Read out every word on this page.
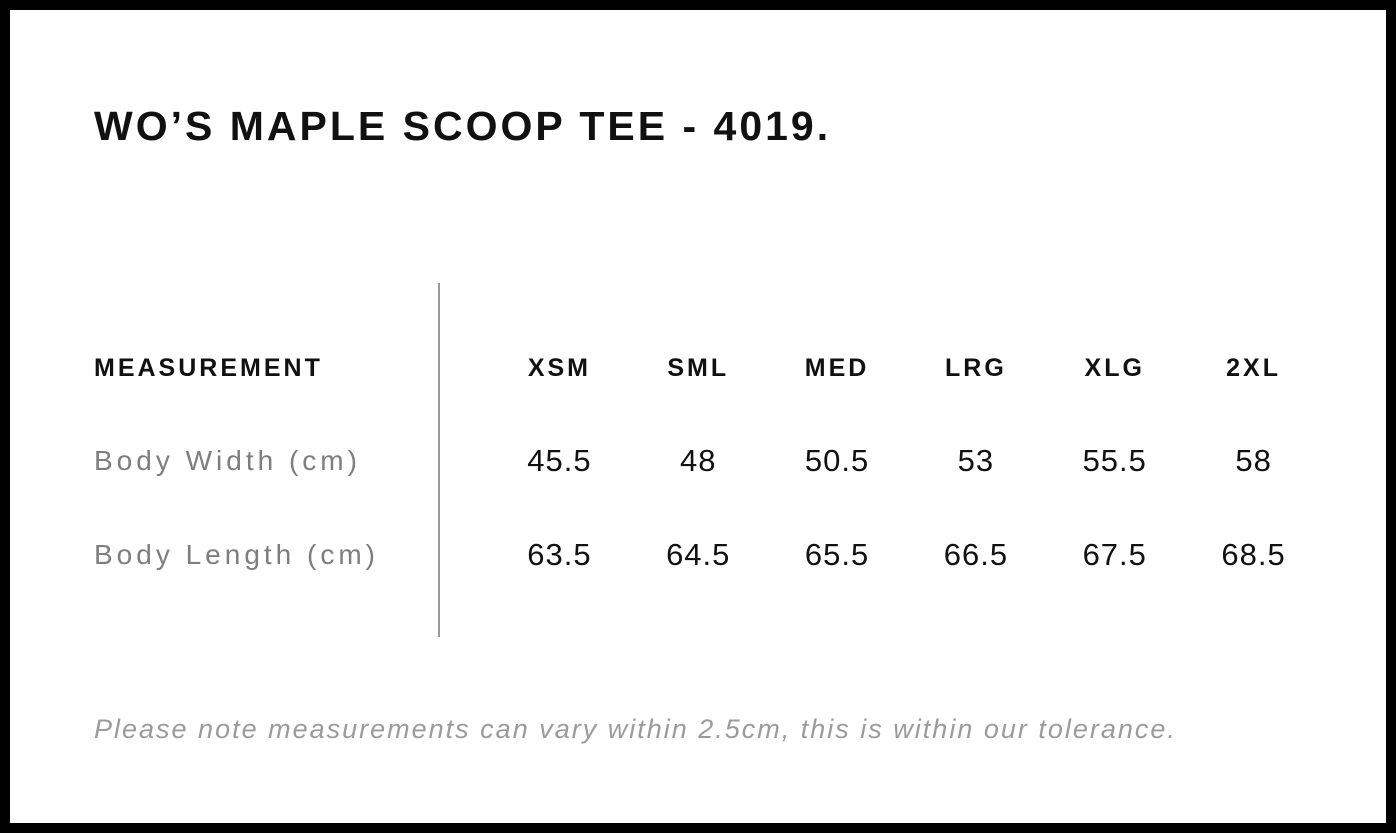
WO’S MAPLE SCOOP TEE - 4019.
MEASUREMENT	XSM	SML	MED	LRG	XLG	2XL
Body Width (cm)	45.5	48	50.5	53	55.5	58
Body Length (cm)	63.5	64.5	65.5	66.5	67.5	68.5

Please note measurements can vary within 2.5cm, this is within our tolerance.
